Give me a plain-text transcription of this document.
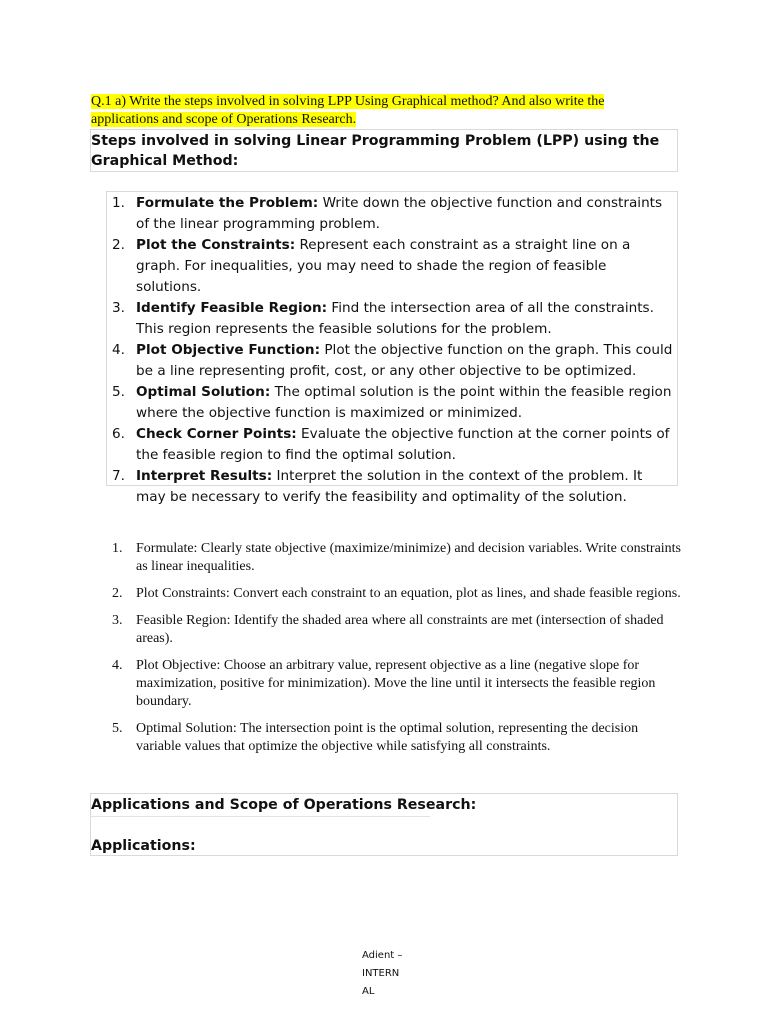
Q.1 a) Write the steps involved in solving LPP Using Graphical method? And also write the applications and scope of Operations Research.
Steps involved in solving Linear Programming Problem (LPP) using the Graphical Method:
1. Formulate the Problem: Write down the objective function and constraints of the linear programming problem.
2. Plot the Constraints: Represent each constraint as a straight line on a graph. For inequalities, you may need to shade the region of feasible solutions.
3. Identify Feasible Region: Find the intersection area of all the constraints. This region represents the feasible solutions for the problem.
4. Plot Objective Function: Plot the objective function on the graph. This could be a line representing profit, cost, or any other objective to be optimized.
5. Optimal Solution: The optimal solution is the point within the feasible region where the objective function is maximized or minimized.
6. Check Corner Points: Evaluate the objective function at the corner points of the feasible region to find the optimal solution.
7. Interpret Results: Interpret the solution in the context of the problem. It may be necessary to verify the feasibility and optimality of the solution.
1. Formulate: Clearly state objective (maximize/minimize) and decision variables. Write constraints as linear inequalities.
2. Plot Constraints: Convert each constraint to an equation, plot as lines, and shade feasible regions.
3. Feasible Region: Identify the shaded area where all constraints are met (intersection of shaded areas).
4. Plot Objective: Choose an arbitrary value, represent objective as a line (negative slope for maximization, positive for minimization). Move the line until it intersects the feasible region boundary.
5. Optimal Solution: The intersection point is the optimal solution, representing the decision variable values that optimize the objective while satisfying all constraints.
Applications and Scope of Operations Research:
Applications:
Adient –
INTERN
AL
